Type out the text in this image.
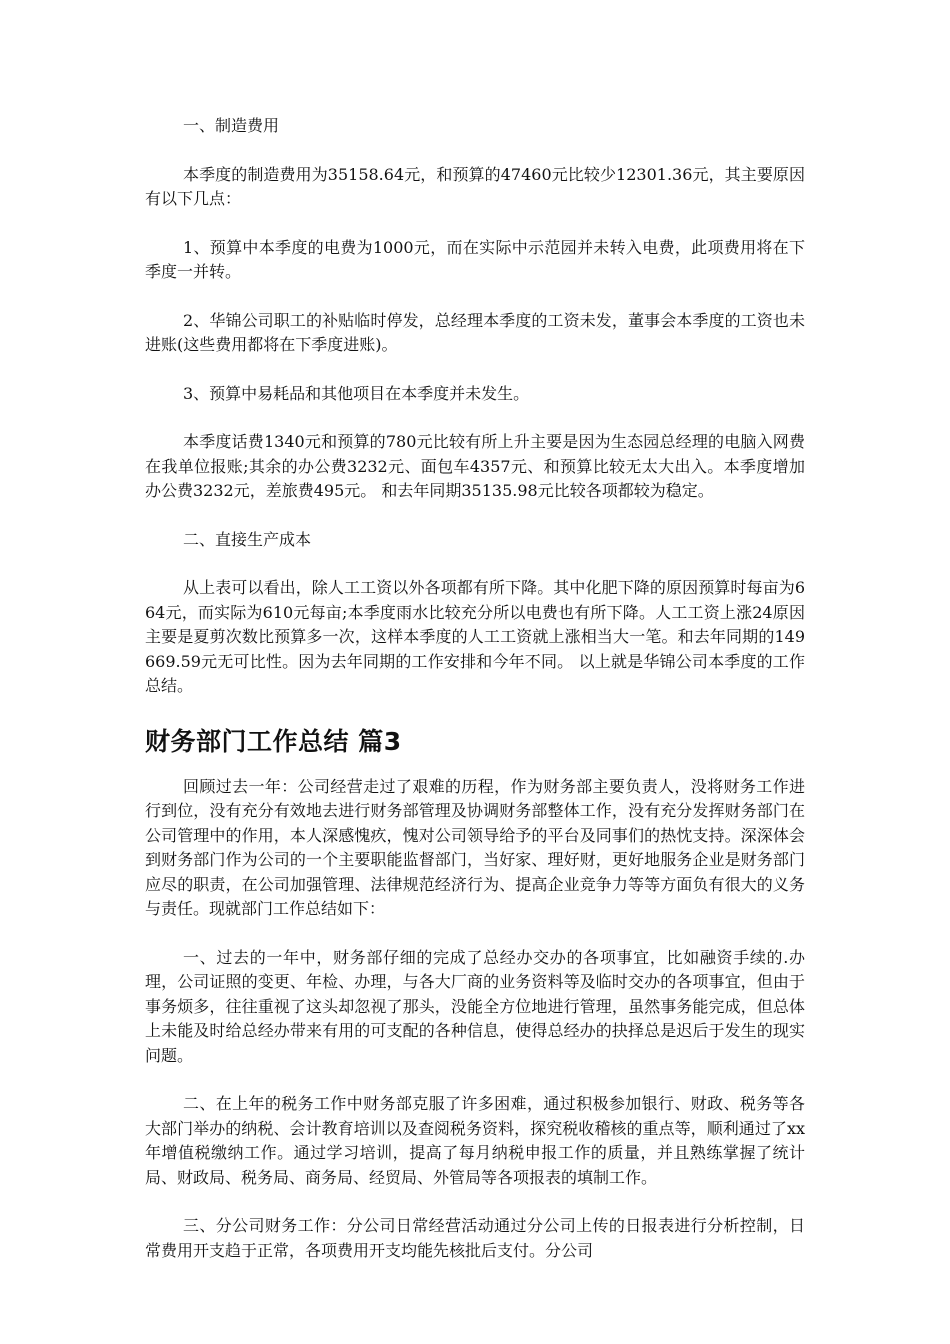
一、制造费用

本季度的制造费用为35158.64元，和预算的47460元比较少12301.36元，其主要原因有以下几点：

1、预算中本季度的电费为1000元，而在实际中示范园并未转入电费，此项费用将在下季度一并转。

2、华锦公司职工的补贴临时停发，总经理本季度的工资未发，董事会本季度的工资也未进账(这些费用都将在下季度进账)。

3、预算中易耗品和其他项目在本季度并未发生。

本季度话费1340元和预算的780元比较有所上升主要是因为生态园总经理的电脑入网费在我单位报账;其余的办公费3232元、面包车4357元、和预算比较无太大出入。本季度增加办公费3232元，差旅费495元。 和去年同期35135.98元比较各项都较为稳定。

二、直接生产成本

从上表可以看出，除人工工资以外各项都有所下降。其中化肥下降的原因预算时每亩为664元，而实际为610元每亩;本季度雨水比较充分所以电费也有所下降。人工工资上涨24原因主要是夏剪次数比预算多一次，这样本季度的人工工资就上涨相当大一笔。和去年同期的149669.59元无可比性。因为去年同期的工作安排和今年不同。 以上就是华锦公司本季度的工作总结。

财务部门工作总结 篇3

回顾过去一年：公司经营走过了艰难的历程，作为财务部主要负责人，没将财务工作进行到位，没有充分有效地去进行财务部管理及协调财务部整体工作，没有充分发挥财务部门在公司管理中的作用，本人深感愧疚，愧对公司领导给予的平台及同事们的热忱支持。深深体会到财务部门作为公司的一个主要职能监督部门，当好家、理好财，更好地服务企业是财务部门应尽的职责，在公司加强管理、法律规范经济行为、提高企业竞争力等等方面负有很大的义务与责任。现就部门工作总结如下：

一、过去的一年中，财务部仔细的完成了总经办交办的各项事宜，比如融资手续的.办理，公司证照的变更、年检、办理，与各大厂商的业务资料等及临时交办的各项事宜，但由于事务烦多，往往重视了这头却忽视了那头，没能全方位地进行管理，虽然事务能完成，但总体上未能及时给总经办带来有用的可支配的各种信息，使得总经办的抉择总是迟后于发生的现实问题。

二、在上年的税务工作中财务部克服了许多困难，通过积极参加银行、财政、税务等各大部门举办的纳税、会计教育培训以及查阅税务资料，探究税收稽核的重点等，顺利通过了xx年增值税缴纳工作。通过学习培训，提高了每月纳税申报工作的质量，并且熟练掌握了统计局、财政局、税务局、商务局、经贸局、外管局等各项报表的填制工作。

三、分公司财务工作：分公司日常经营活动通过分公司上传的日报表进行分析控制，日常费用开支趋于正常，各项费用开支均能先核批后支付。分公司
